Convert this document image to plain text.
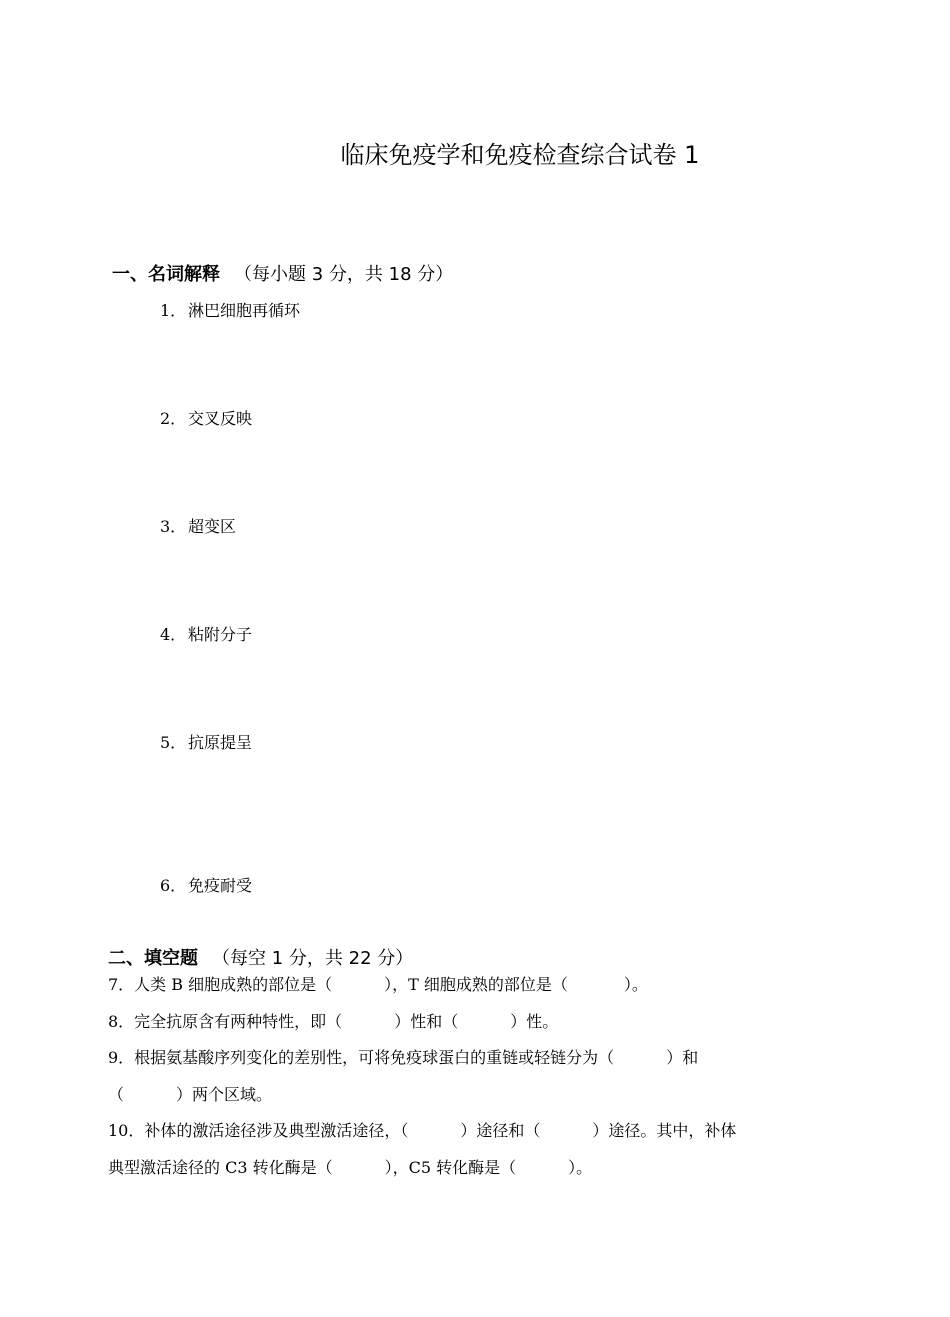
临床免疫学和免疫检查综合试卷 1
一、名词解释 （每小题 3 分，共 18 分）
1． 淋巴细胞再循环
2． 交叉反映
3． 超变区
4． 粘附分子
5． 抗原提呈
6． 免疫耐受
二、填空题 （每空 1 分，共 22 分）
7．人类 B 细胞成熟的部位是（	），T 细胞成熟的部位是（	）。
8．完全抗原含有两种特性，即（	）性和（	）性。
9．根据氨基酸序列变化的差别性，可将免疫球蛋白的重链或轻链分为（	）和
（	）两个区域。
10．补体的激活途径涉及典型激活途径，（	）途径和（	）途径。其中，补体
典型激活途径的 C3 转化酶是（	），C5 转化酶是（	）。
